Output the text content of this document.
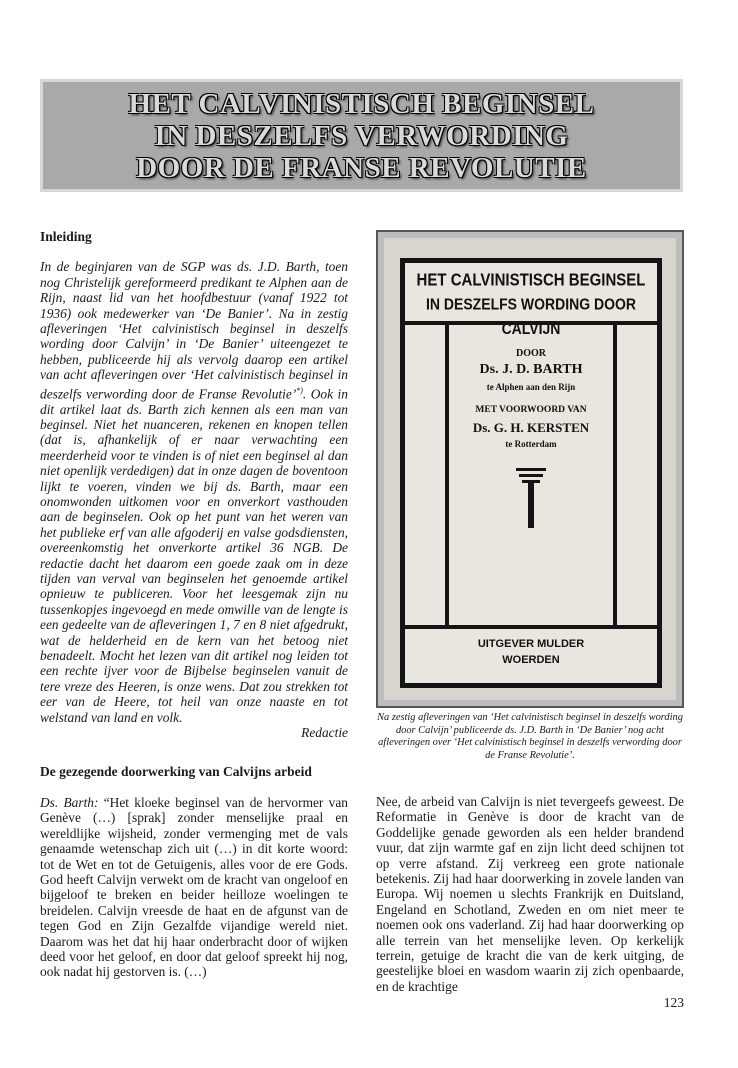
HET CALVINISTISCH BEGINSEL
IN DESZELFS VERWORDING
DOOR DE FRANSE REVOLUTIE
Inleiding
In de beginjaren van de SGP was ds. J.D. Barth, toen nog Christelijk gereformeerd predikant te Alphen aan de Rijn, naast lid van het hoofdbestuur (vanaf 1922 tot 1936) ook medewerker van ‘De Banier’. Na in zestig afleveringen ‘Het calvinistisch beginsel in deszelfs wording door Calvijn’ in ‘De Banier’ uiteengezet te hebben, publiceerde hij als vervolg daarop een artikel van acht afleveringen over ‘Het calvinistisch beginsel in deszelfs verwording door de Franse Revolutie’*). Ook in dit artikel laat ds. Barth zich kennen als een man van beginsel. Niet het nuanceren, rekenen en knopen tellen (dat is, afhankelijk of er naar verwachting een meerderheid voor te vinden is of niet een beginsel al dan niet openlijk verdedigen) dat in onze dagen de boventoon lijkt te voeren, vinden we bij ds. Barth, maar een onomwonden uitkomen voor en onverkort vasthouden aan de beginselen. Ook op het punt van het weren van het publieke erf van alle afgoderij en valse godsdiensten, overeenkomstig het onverkorte artikel 36 NGB. De redactie dacht het daarom een goede zaak om in deze tijden van verval van beginselen het genoemde artikel opnieuw te publiceren. Voor het leesgemak zijn nu tussenkopjes ingevoegd en mede omwille van de lengte is een gedeelte van de afleveringen 1, 7 en 8 niet afgedrukt, wat de helderheid en de kern van het betoog niet benadeelt. Mocht het lezen van dit artikel nog leiden tot een rechte ijver voor de Bijbelse beginselen vanuit de tere vreze des Heeren, is onze wens. Dat zou strekken tot eer van de Heere, tot heil van onze naaste en tot welstand van land en volk.
Redactie
De gezegende doorwerking van Calvijns arbeid
Ds. Barth: “Het kloeke beginsel van de hervormer van Genève (…) [sprak] zonder menselijke praal en wereldlijke wijsheid, zonder vermenging met de vals genaamde wetenschap zich uit (…) in dit korte woord: tot de Wet en tot de Getuigenis, alles voor de ere Gods. God heeft Calvijn verwekt om de kracht van ongeloof en bijgeloof te breken en beider heilloze woelingen te breidelen. Calvijn vreesde de haat en de afgunst van de tegen God en Zijn Gezalfde vijandige wereld niet. Daarom was het dat hij haar onderbracht door of wijken deed voor het geloof, en door dat geloof spreekt hij nog, ook nadat hij gestorven is. (…)
HET CALVINISTISCH BEGINSEL
IN DESZELFS WORDING DOOR CALVIJN
DOOR
Ds. J. D. BARTH
te Alphen aan den Rijn
MET VOORWOORD VAN
Ds. G. H. KERSTEN
te Rotterdam
UITGEVER MULDER
WOERDEN
Na zestig afleveringen van ‘Het calvinistisch beginsel in deszelfs wording door Calvijn’ publiceerde ds. J.D. Barth in ‘De Banier’ nog acht afleveringen over ‘Het calvinistisch beginsel in deszelfs verwording door de Franse Revolutie’.
Nee, de arbeid van Calvijn is niet tevergeefs geweest. De Reformatie in Genève is door de kracht van de Goddelijke genade geworden als een helder brandend vuur, dat zijn warmte gaf en zijn licht deed schijnen tot op verre afstand. Zij verkreeg een grote nationale betekenis. Zij had haar doorwerking in zovele landen van Europa. Wij noemen u slechts Frankrijk en Duitsland, Engeland en Schotland, Zweden en om niet meer te noemen ook ons vaderland. Zij had haar doorwerking op alle terrein van het menselijke leven. Op kerkelijk terrein, getuige de kracht die van de kerk uitging, de geestelijke bloei en wasdom waarin zij zich openbaarde, en de krachtige
123
